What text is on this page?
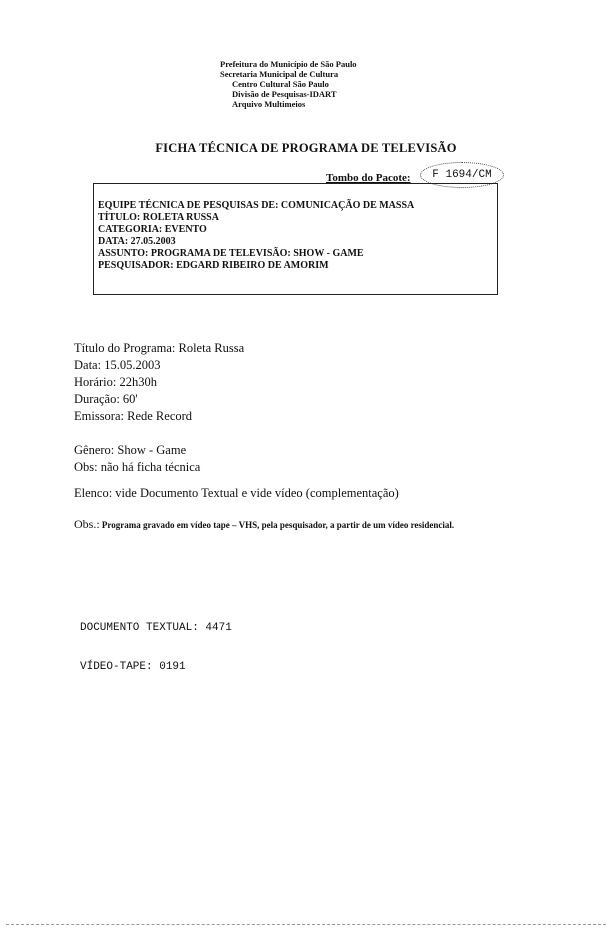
Prefeitura do Município de São Paulo
Secretaria Municipal de Cultura
Centro Cultural São Paulo
Divisão de Pesquisas-IDART
Arquivo Multimeios
FICHA TÉCNICA DE PROGRAMA DE TELEVISÃO
Tombo do Pacote:	F 1694/CM
EQUIPE TÉCNICA DE PESQUISAS DE: COMUNICAÇÃO DE MASSA
TÍTULO: ROLETA RUSSA
CATEGORIA: EVENTO
DATA: 27.05.2003
ASSUNTO: PROGRAMA DE TELEVISÃO: SHOW - GAME
PESQUISADOR: EDGARD RIBEIRO DE AMORIM
Título do Programa: Roleta Russa
Data: 15.05.2003
Horário: 22h30h
Duração: 60'
Emissora: Rede Record
Gênero: Show - Game
Obs: não há ficha técnica
Elenco: vide Documento Textual e vide vídeo (complementação)
Obs.: Programa gravado em vídeo tape – VHS, pela pesquisador, a partir de um vídeo residencial.

DOCUMENTO TEXTUAL: 4471

VÍDEO-TAPE: 0191
